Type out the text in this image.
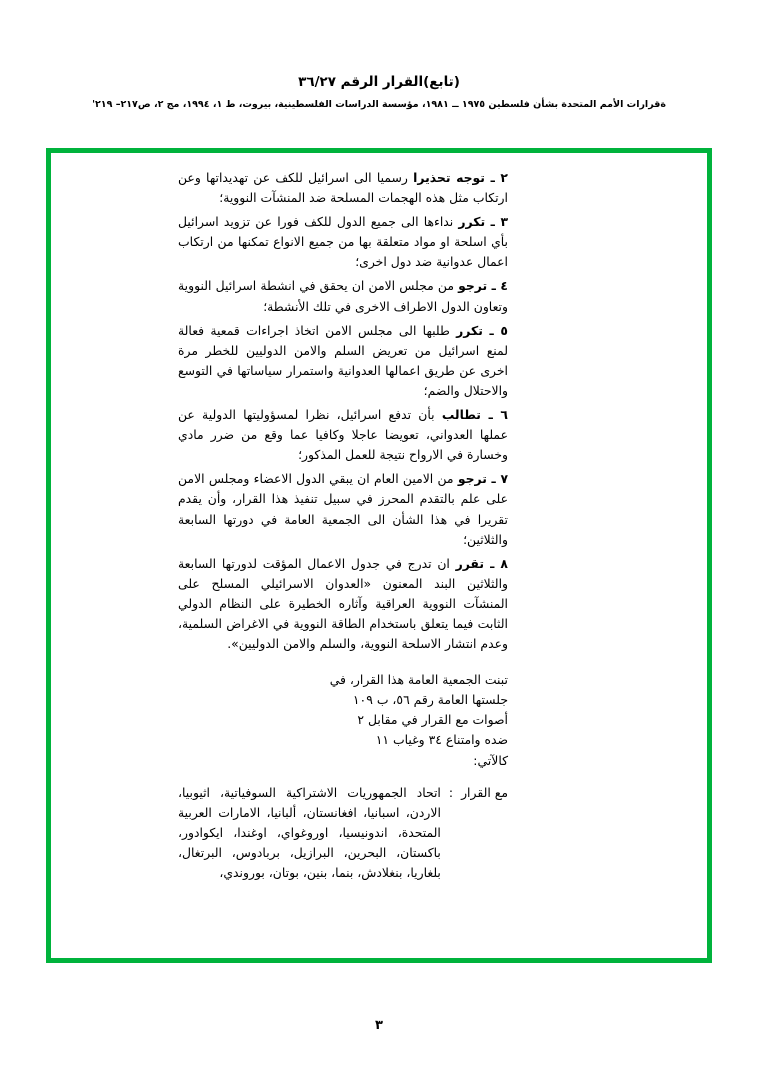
(تابع)القرار الرقم ٣٦/٢٧
ةقرارات الأمم المتحدة بشأن فلسطين ١٩٧٥ ــ ١٩٨١، مؤسسة الدراسات الفلسطينية، بيروت، ط ١، ١٩٩٤، مج ٢، ص٢١٧– ٢١٩'

٢ ـ توجه تحذيرا رسميا الى اسرائيل للكف عن تهديداتها وعن ارتكاب مثل هذه الهجمات المسلحة ضد المنشآت النووية؛

٣ ـ تكرر نداءها الى جميع الدول للكف فورا عن تزويد اسرائيل بأي اسلحة او مواد متعلقة بها من جميع الانواع تمكنها من ارتكاب اعمال عدوانية ضد دول اخرى؛

٤ ـ ترجو من مجلس الامن ان يحقق في انشطة اسرائيل النووية وتعاون الدول الاطراف الاخرى في تلك الأنشطة؛

٥ ـ تكرر طلبها الى مجلس الامن اتخاذ اجراءات قمعية فعالة لمنع اسرائيل من تعريض السلم والامن الدوليين للخطر مرة اخرى عن طريق اعمالها العدوانية واستمرار سياساتها في التوسع والاحتلال والضم؛

٦ ـ تطالب بأن تدفع اسرائيل، نظرا لمسؤوليتها الدولية عن عملها العدواني، تعويضا عاجلا وكافيا عما وقع من ضرر مادي وخسارة في الارواح نتيجة للعمل المذكور؛

٧ ـ ترجو من الامين العام ان يبقي الدول الاعضاء ومجلس الامن على علم بالتقدم المحرز في سبيل تنفيذ هذا القرار، وأن يقدم تقريرا في هذا الشأن الى الجمعية العامة في دورتها السابعة والثلاثين؛

٨ ـ تقرر ان تدرج في جدول الاعمال المؤقت لدورتها السابعة والثلاثين البند المعنون «العدوان الاسرائيلي المسلح على المنشآت النووية العراقية وآثاره الخطيرة على النظام الدولي الثابت فيما يتعلق باستخدام الطاقة النووية في الاغراض السلمية، وعدم انتشار الاسلحة النووية، والسلم والامن الدوليين».

تبنت الجمعية العامة هذا القرار، في

جلستها العامة رقم ٥٦، ب ١٠٩

أصوات مع القرار في مقابل ٢

ضده وامتناع ٣٤ وغياب ١١

كالآتي:

مع القرار
:
اتحاد الجمهوريات الاشتراكية السوفياتية، اثيوبيا، الاردن، اسبانيا، افغانستان، ألبانيا، الامارات العربية المتحدة، اندونيسيا، اوروغواي، اوغندا، ايكوادور، باكستان، البحرين، البرازيل، بربادوس، البرتغال، بلغاريا، بنغلادش، بنما، بنين، بوتان، بوروندي،
٣
